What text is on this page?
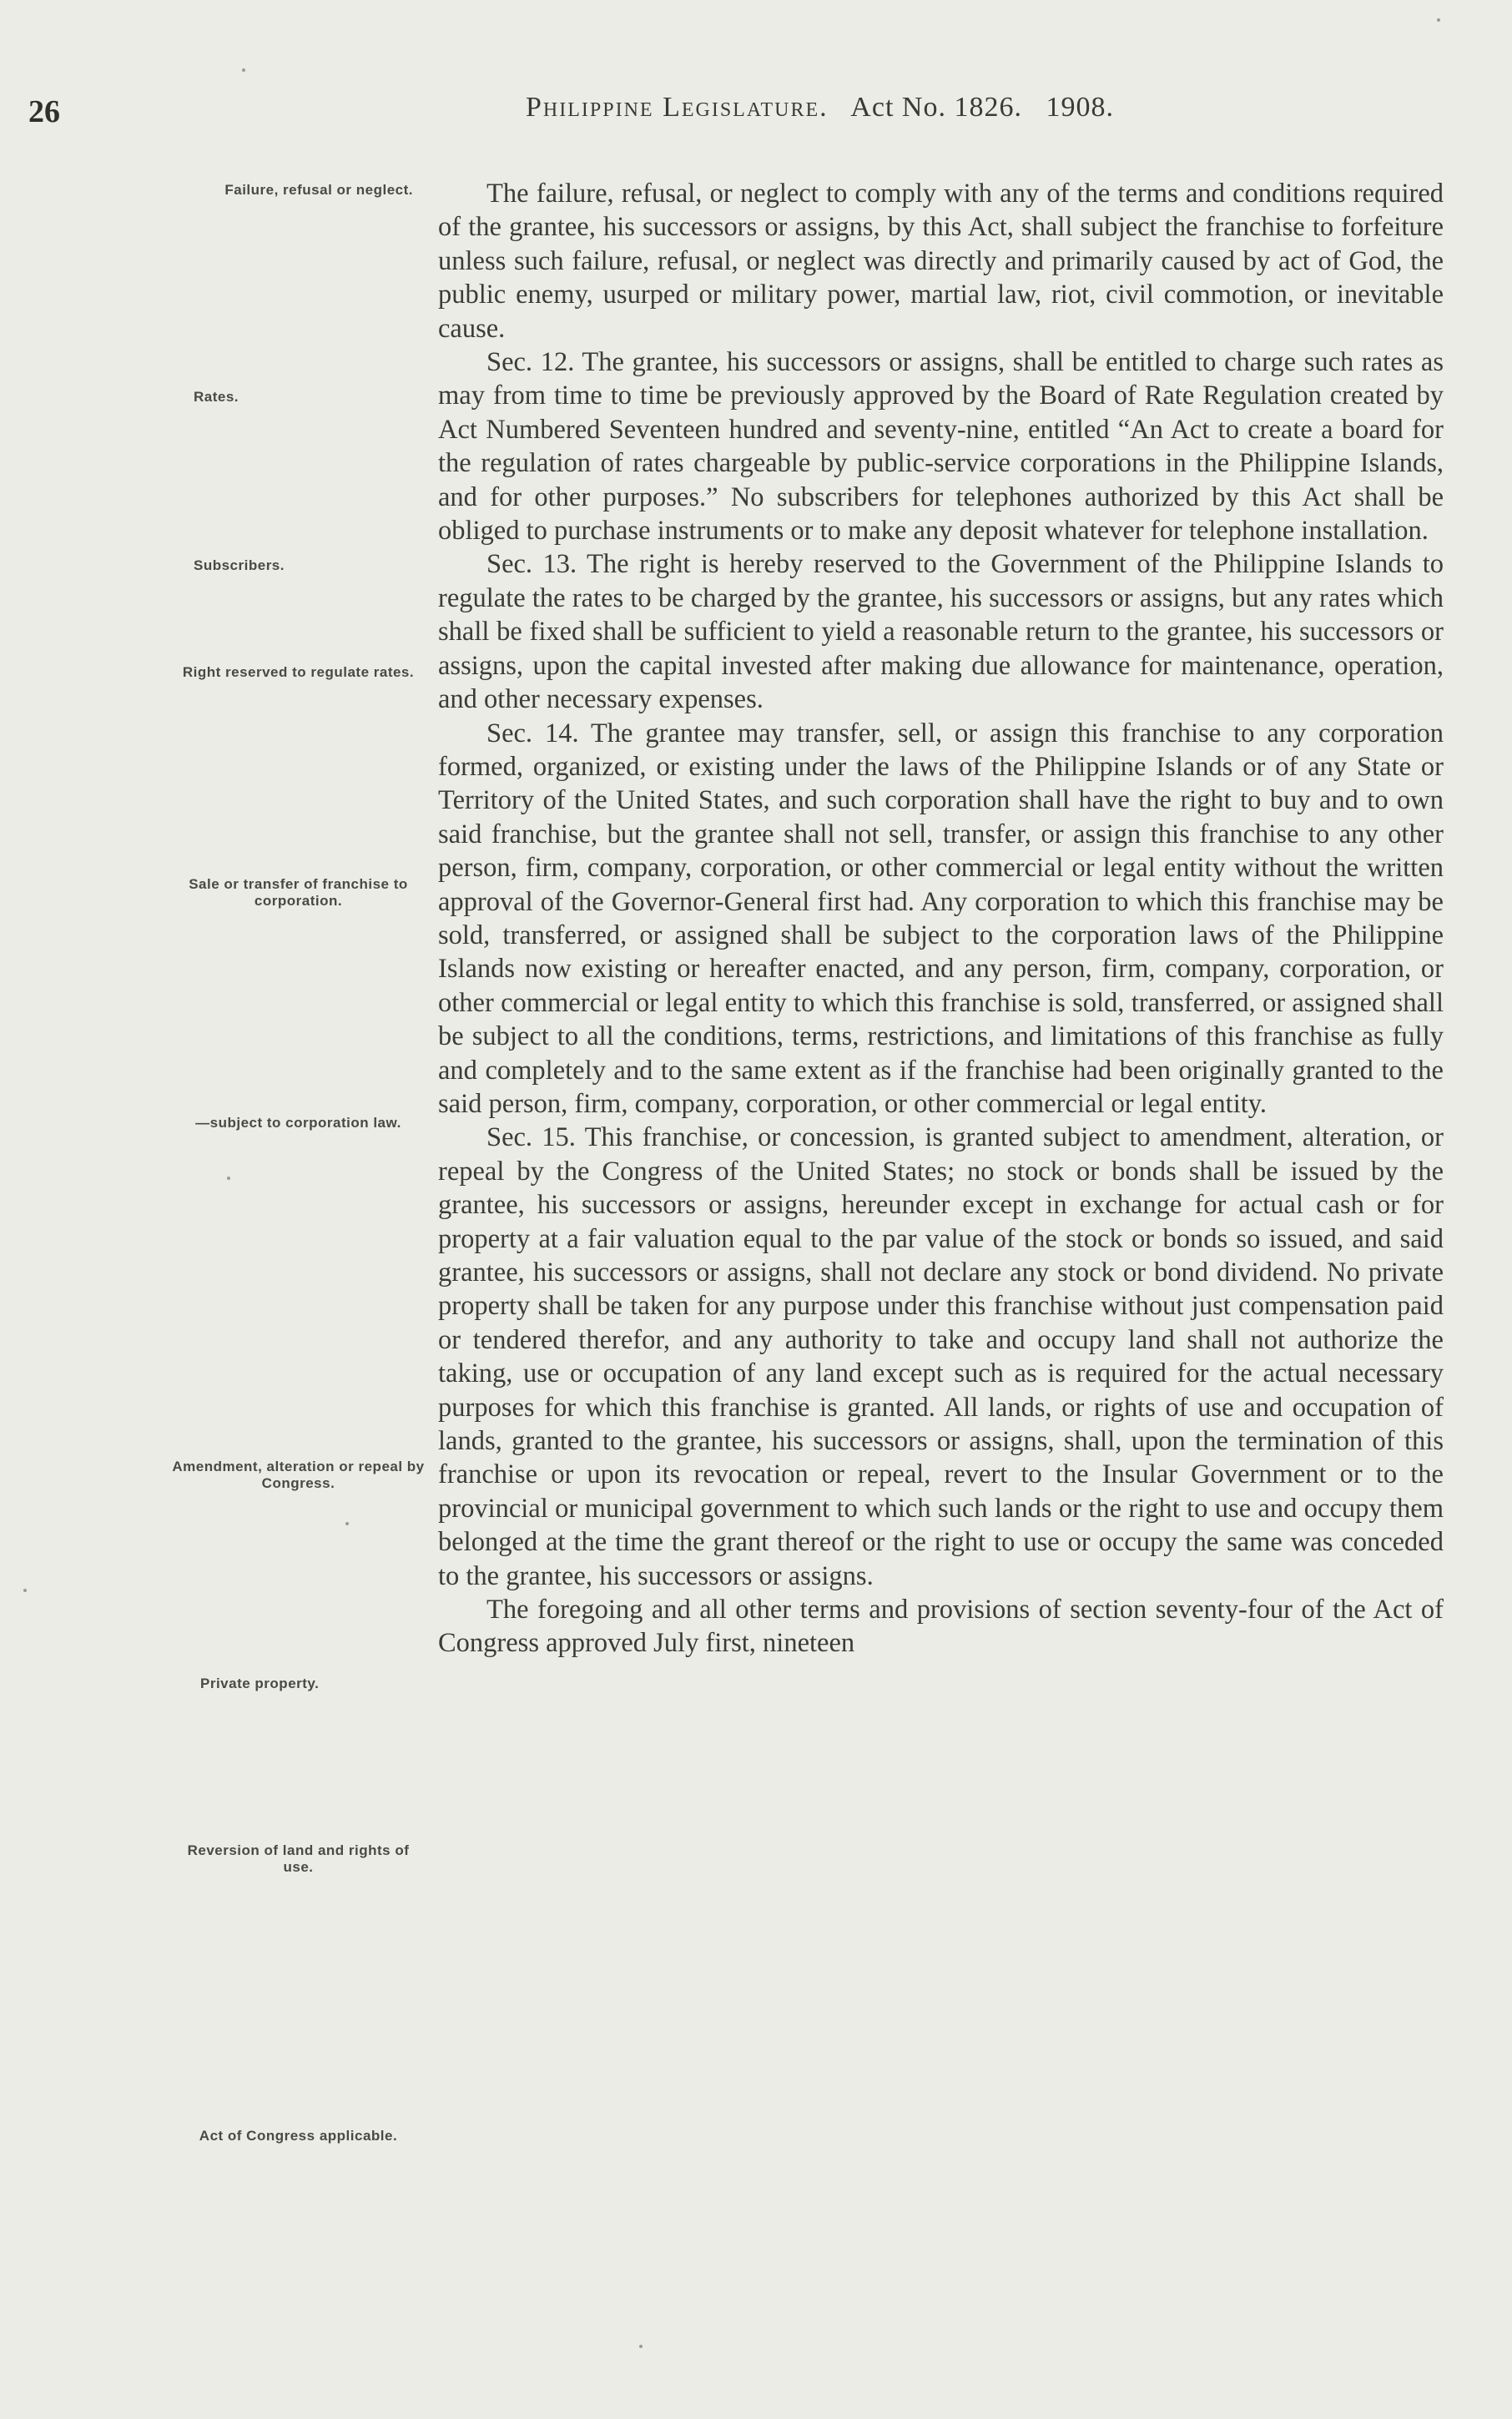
26	Philippine Legislature. Act No. 1826. 1908.
Failure, refusal or neglect.
Rates.
Subscribers.
Right reserved to regulate rates.
Sale or transfer of franchise to corporation.
—subject to corporation law.
Amendment, alteration or repeal by Congress.
Private property.
Reversion of land and rights of use.
Act of Congress applicable.

The failure, refusal, or neglect to comply with any of the terms and conditions required of the grantee, his successors or assigns, by this Act, shall subject the franchise to forfeiture unless such failure, refusal, or neglect was directly and primarily caused by act of God, the public enemy, usurped or military power, martial law, riot, civil commotion, or inevitable cause.

Sec. 12. The grantee, his successors or assigns, shall be entitled to charge such rates as may from time to time be previously approved by the Board of Rate Regulation created by Act Numbered Seventeen hundred and seventy-nine, entitled “An Act to create a board for the regulation of rates chargeable by public-service corporations in the Philippine Islands, and for other purposes.” No subscribers for telephones authorized by this Act shall be obliged to purchase instruments or to make any deposit whatever for telephone installation.

Sec. 13. The right is hereby reserved to the Government of the Philippine Islands to regulate the rates to be charged by the grantee, his successors or assigns, but any rates which shall be fixed shall be sufficient to yield a reasonable return to the grantee, his successors or assigns, upon the capital invested after making due allowance for maintenance, operation, and other necessary expenses.

Sec. 14. The grantee may transfer, sell, or assign this franchise to any corporation formed, organized, or existing under the laws of the Philippine Islands or of any State or Territory of the United States, and such corporation shall have the right to buy and to own said franchise, but the grantee shall not sell, transfer, or assign this franchise to any other person, firm, company, corporation, or other commercial or legal entity without the written approval of the Governor-General first had. Any corporation to which this franchise may be sold, transferred, or assigned shall be subject to the corporation laws of the Philippine Islands now existing or hereafter enacted, and any person, firm, company, corporation, or other commercial or legal entity to which this franchise is sold, transferred, or assigned shall be subject to all the conditions, terms, restrictions, and limitations of this franchise as fully and completely and to the same extent as if the franchise had been originally granted to the said person, firm, company, corporation, or other commercial or legal entity.

Sec. 15. This franchise, or concession, is granted subject to amendment, alteration, or repeal by the Congress of the United States; no stock or bonds shall be issued by the grantee, his successors or assigns, hereunder except in exchange for actual cash or for property at a fair valuation equal to the par value of the stock or bonds so issued, and said grantee, his successors or assigns, shall not declare any stock or bond dividend. No private property shall be taken for any purpose under this franchise without just compensation paid or tendered therefor, and any authority to take and occupy land shall not authorize the taking, use or occupation of any land except such as is required for the actual necessary purposes for which this franchise is granted. All lands, or rights of use and occupation of lands, granted to the grantee, his successors or assigns, shall, upon the termination of this franchise or upon its revocation or repeal, revert to the Insular Government or to the provincial or municipal government to which such lands or the right to use and occupy them belonged at the time the grant thereof or the right to use or occupy the same was conceded to the grantee, his successors or assigns.

The foregoing and all other terms and provisions of section seventy-four of the Act of Congress approved July first, nineteen
